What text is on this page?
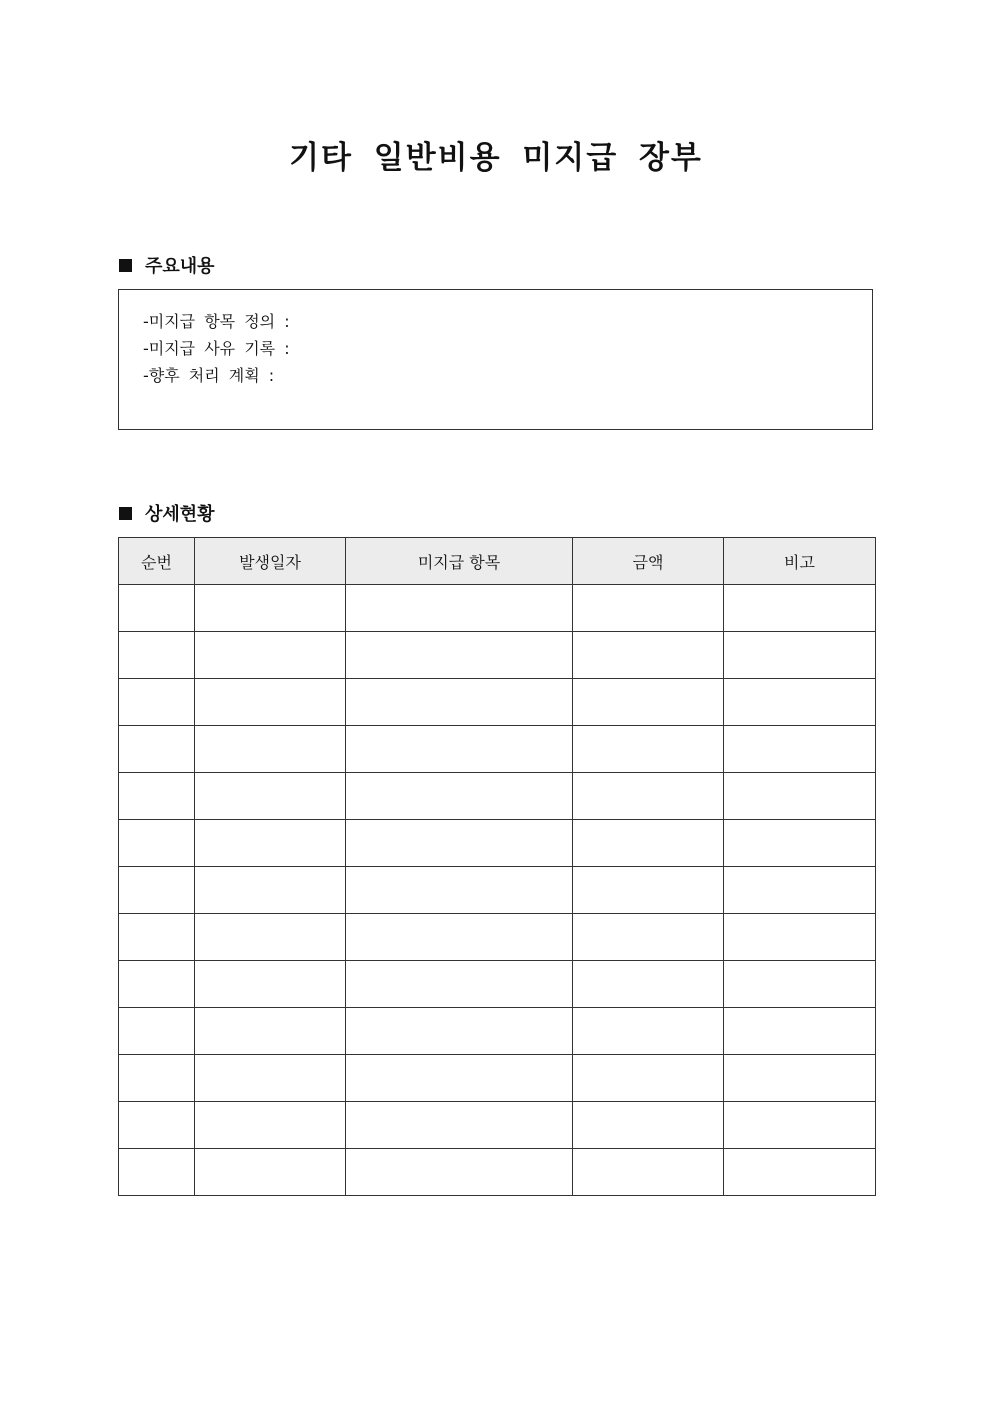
기타 일반비용 미지급 장부
주요내용
-미지급 항목 정의 :
-미지급 사유 기록 :
-향후 처리 계획 :
상세현황
순번	발생일자	미지급 항목	금액	비고
